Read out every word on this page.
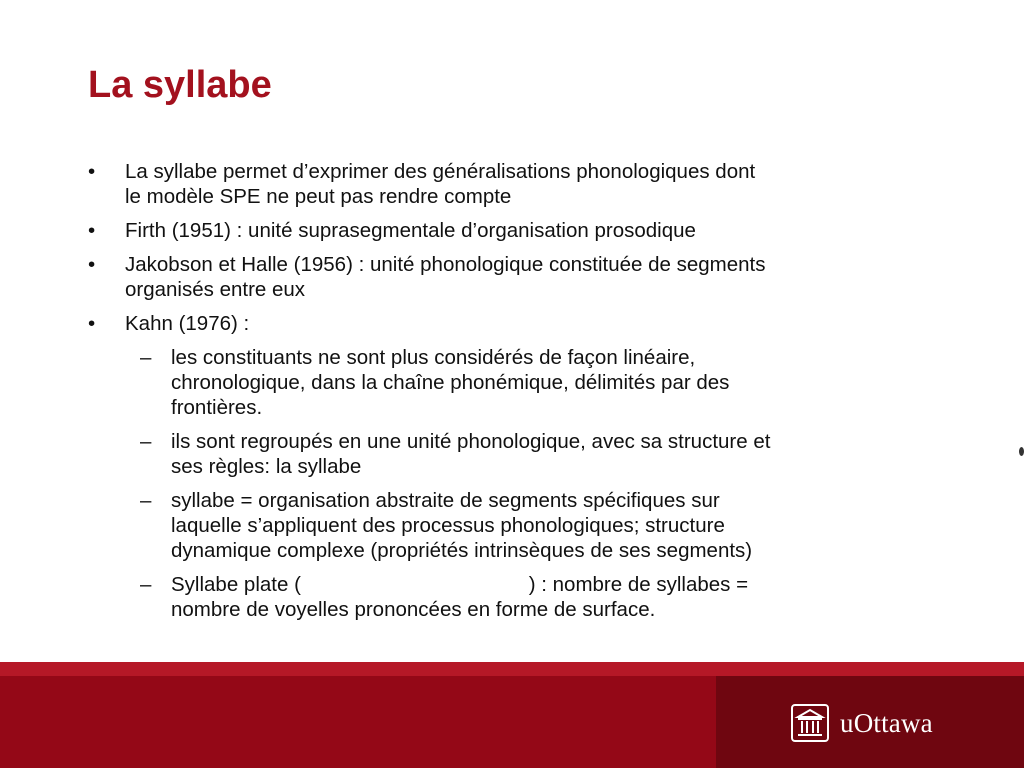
La syllabe
• La syllabe permet d’exprimer des généralisations phonologiques dont
le modèle SPE ne peut pas rendre compte
• Firth (1951) : unité suprasegmentale d’organisation prosodique
• Jakobson et Halle (1956) : unité phonologique constituée de segments
organisés entre eux
• Kahn (1976) :
– les constituants ne sont plus considérés de façon linéaire,
chronologique, dans la chaîne phonémique, délimités par des
frontières.
– ils sont regroupés en une unité phonologique, avec sa structure et
ses règles: la syllabe
– syllabe = organisation abstraite de segments spécifiques sur
laquelle s’appliquent des processus phonologiques; structure
dynamique complexe (propriétés intrinsèques de ses segments)
– Syllabe plate (                                        ) : nombre de syllabes =
nombre de voyelles prononcées en forme de surface.
uOttawa
